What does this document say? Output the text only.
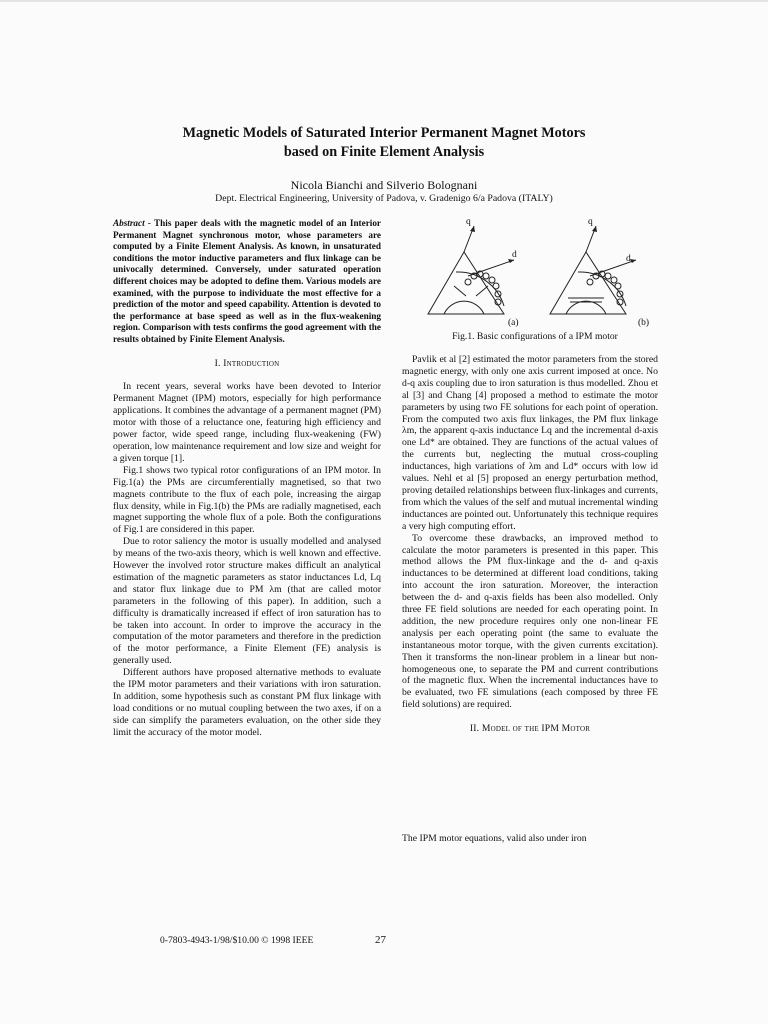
Magnetic Models of Saturated Interior Permanent Magnet Motors
based on Finite Element Analysis
Nicola Bianchi and Silverio Bolognani
Dept. Electrical Engineering, University of Padova, v. Gradenigo 6/a Padova (ITALY)

Abstract - This paper deals with the magnetic model of an Interior Permanent Magnet synchronous motor, whose parameters are computed by a Finite Element Analysis. As known, in unsaturated conditions the motor inductive parameters and flux linkage can be univocally determined. Conversely, under saturated operation different choices may be adopted to define them. Various models are examined, with the purpose to individuate the most effective for a prediction of the motor and speed capability. Attention is devoted to the performance at base speed as well as in the flux-weakening region. Comparison with tests confirms the good agreement with the results obtained by Finite Element Analysis.

I. Introduction

In recent years, several works have been devoted to Interior Permanent Magnet (IPM) motors, especially for high performance applications. It combines the advantage of a permanent magnet (PM) motor with those of a reluctance one, featuring high efficiency and power factor, wide speed range, including flux-weakening (FW) operation, low maintenance requirement and low size and weight for a given torque [1].

Fig.1 shows two typical rotor configurations of an IPM motor. In Fig.1(a) the PMs are circumferentially magnetised, so that two magnets contribute to the flux of each pole, increasing the airgap flux density, while in Fig.1(b) the PMs are radially magnetised, each magnet supporting the whole flux of a pole. Both the configurations of Fig.1 are considered in this paper.

Due to rotor saliency the motor is usually modelled and analysed by means of the two-axis theory, which is well known and effective. However the involved rotor structure makes difficult an analytical estimation of the magnetic parameters as stator inductances Ld, Lq and stator flux linkage due to PM λm (that are called motor parameters in the following of this paper). In addition, such a difficulty is dramatically increased if effect of iron saturation has to be taken into account. In order to improve the accuracy in the computation of the motor parameters and therefore in the prediction of the motor performance, a Finite Element (FE) analysis is generally used.

Different authors have proposed alternative methods to evaluate the IPM motor parameters and their variations with iron saturation. In addition, some hypothesis such as constant PM flux linkage with load conditions or no mutual coupling between the two axes, if on a side can simplify the parameters evaluation, on the other side they limit the accuracy of the motor model.

q
d
q
d
(a)	(b)
Fig.1. Basic configurations of a IPM motor

Pavlik et al [2] estimated the motor parameters from the stored magnetic energy, with only one axis current imposed at once. No d-q axis coupling due to iron saturation is thus modelled. Zhou et al [3] and Chang [4] proposed a method to estimate the motor parameters by using two FE solutions for each point of operation. From the computed two axis flux linkages, the PM flux linkage λm, the apparent q-axis inductance Lq and the incremental d-axis one Ld* are obtained. They are functions of the actual values of the currents but, neglecting the mutual cross-coupling inductances, high variations of λm and Ld* occurs with low id values. Nehl et al [5] proposed an energy perturbation method, proving detailed relationships between flux-linkages and currents, from which the values of the self and mutual incremental winding inductances are pointed out. Unfortunately this technique requires a very high computing effort.

To overcome these drawbacks, an improved method to calculate the motor parameters is presented in this paper. This method allows the PM flux-linkage and the d- and q-axis inductances to be determined at different load conditions, taking into account the iron saturation. Moreover, the interaction between the d- and q-axis fields has been also modelled. Only three FE field solutions are needed for each operating point. In addition, the new procedure requires only one non-linear FE analysis per each operating point (the same to evaluate the instantaneous motor torque, with the given currents excitation). Then it transforms the non-linear problem in a linear but non-homogeneous one, to separate the PM and current contributions of the magnetic flux. When the incremental inductances have to be evaluated, two FE simulations (each composed by three FE field solutions) are required.

II. Model of the IPM Motor
The IPM motor equations, valid also under iron
0-7803-4943-1/98/$10.00 © 1998 IEEE	27
